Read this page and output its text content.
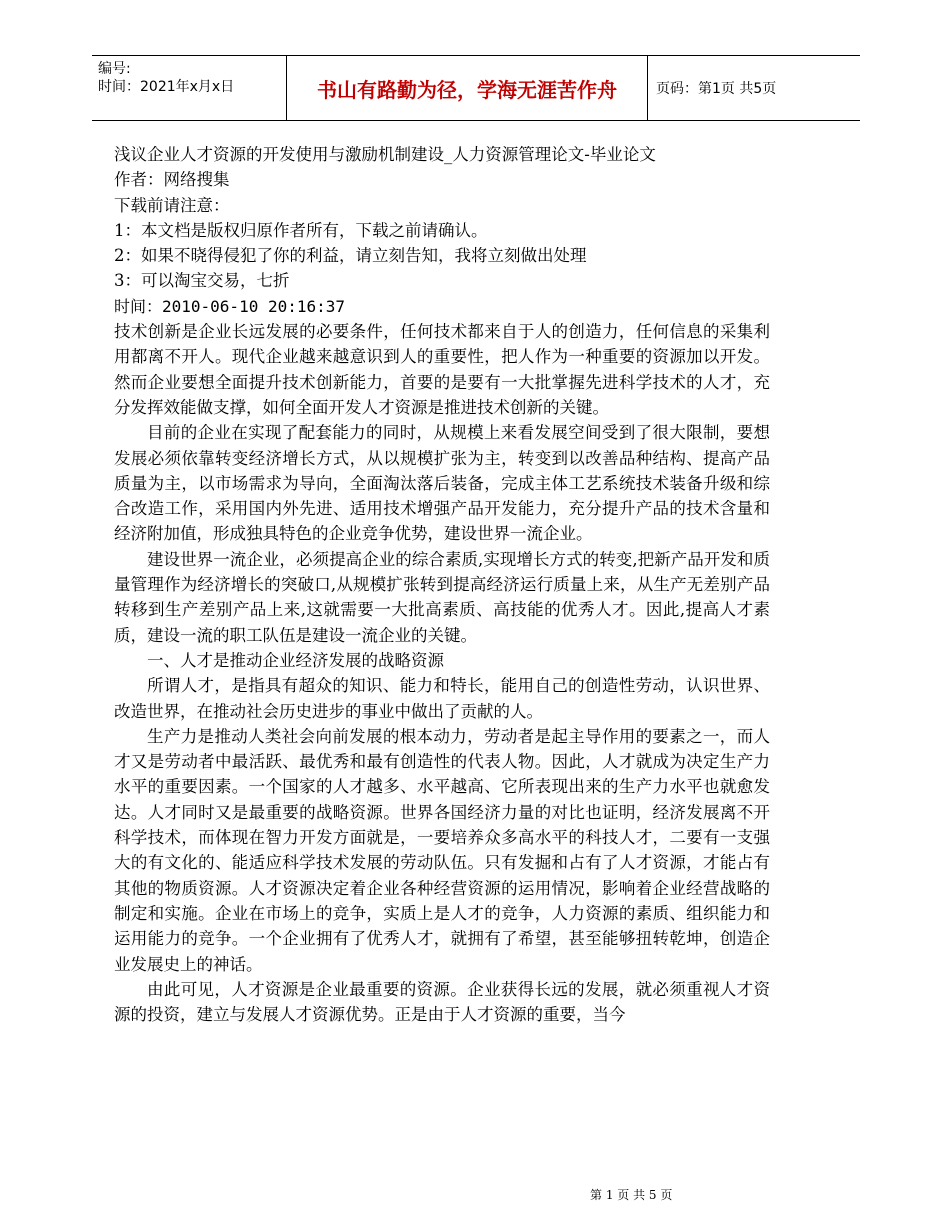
编号:
时间：2021年x月x日	书山有路勤为径，学海无涯苦作舟	页码：第1页 共5页

浅议企业人才资源的开发使用与激励机制建设_人力资源管理论文-毕业论文

作者：网络搜集

下载前请注意：

1：本文档是版权归原作者所有，下载之前请确认。

2：如果不晓得侵犯了你的利益，请立刻告知，我将立刻做出处理

3：可以淘宝交易，七折

时间：2010-06-10 20:16:37

技术创新是企业长远发展的必要条件，任何技术都来自于人的创造力，任何信息的采集利用都离不开人。现代企业越来越意识到人的重要性，把人作为一种重要的资源加以开发。然而企业要想全面提升技术创新能力，首要的是要有一大批掌握先进科学技术的人才，充分发挥效能做支撑，如何全面开发人才资源是推进技术创新的关键。

目前的企业在实现了配套能力的同时，从规模上来看发展空间受到了很大限制，要想发展必须依靠转变经济增长方式，从以规模扩张为主，转变到以改善品种结构、提高产品质量为主，以市场需求为导向，全面淘汰落后装备，完成主体工艺系统技术装备升级和综合改造工作，采用国内外先进、适用技术增强产品开发能力，充分提升产品的技术含量和经济附加值，形成独具特色的企业竞争优势，建设世界一流企业。

建设世界一流企业，必须提高企业的综合素质,实现增长方式的转变,把新产品开发和质量管理作为经济增长的突破口,从规模扩张转到提高经济运行质量上来，从生产无差别产品转移到生产差别产品上来,这就需要一大批高素质、高技能的优秀人才。因此,提高人才素质，建设一流的职工队伍是建设一流企业的关键。

一、人才是推动企业经济发展的战略资源

所谓人才，是指具有超众的知识、能力和特长，能用自己的创造性劳动，认识世界、改造世界，在推动社会历史进步的事业中做出了贡献的人。

生产力是推动人类社会向前发展的根本动力，劳动者是起主导作用的要素之一，而人才又是劳动者中最活跃、最优秀和最有创造性的代表人物。因此，人才就成为决定生产力水平的重要因素。一个国家的人才越多、水平越高、它所表现出来的生产力水平也就愈发达。人才同时又是最重要的战略资源。世界各国经济力量的对比也证明，经济发展离不开科学技术，而体现在智力开发方面就是，一要培养众多高水平的科技人才，二要有一支强大的有文化的、能适应科学技术发展的劳动队伍。只有发掘和占有了人才资源，才能占有其他的物质资源。人才资源决定着企业各种经营资源的运用情况，影响着企业经营战略的制定和实施。企业在市场上的竞争，实质上是人才的竞争，人力资源的素质、组织能力和运用能力的竞争。一个企业拥有了优秀人才，就拥有了希望，甚至能够扭转乾坤，创造企业发展史上的神话。

由此可见，人才资源是企业最重要的资源。企业获得长远的发展，就必须重视人才资源的投资，建立与发展人才资源优势。正是由于人才资源的重要，当今

第 1 页 共 5 页
